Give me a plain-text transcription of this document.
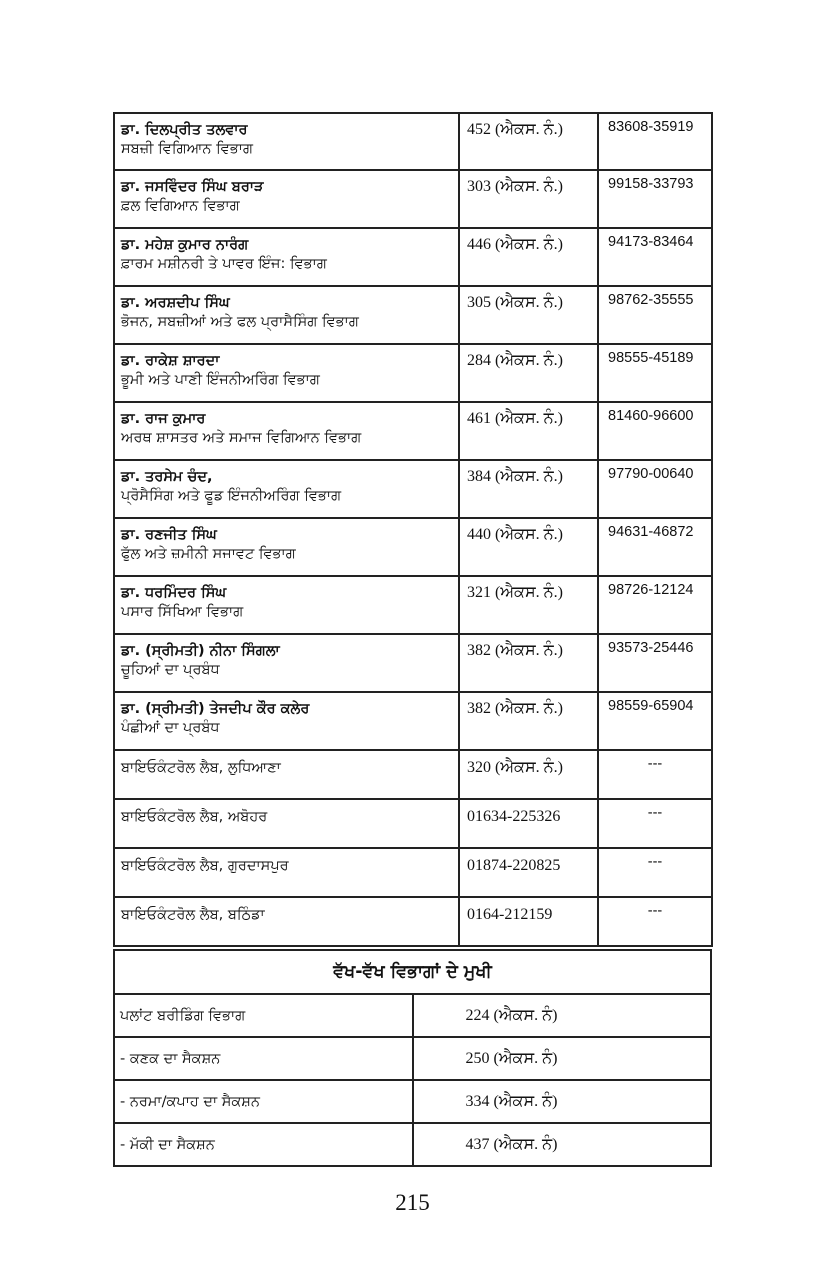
ਡਾ. ਦਿਲਪ੍ਰੀਤ ਤਲਵਾਰ
ਸਬਜ਼ੀ ਵਿਗਿਆਨ ਵਿਭਾਗ	452 (ਐਕਸ. ਨੰ.)	83608-35919

ਡਾ. ਜਸਵਿੰਦਰ ਸਿੰਘ ਬਰਾੜ
ਫ਼ਲ ਵਿਗਿਆਨ ਵਿਭਾਗ	303 (ਐਕਸ. ਨੰ.)	99158-33793

ਡਾ. ਮਹੇਸ਼ ਕੁਮਾਰ ਨਾਰੰਗ
ਫ਼ਾਰਮ ਮਸ਼ੀਨਰੀ ਤੇ ਪਾਵਰ ਇੰਜ: ਵਿਭਾਗ	446 (ਐਕਸ. ਨੰ.)	94173-83464

ਡਾ. ਅਰਸ਼ਦੀਪ ਸਿੰਘ
ਭੋਜਨ, ਸਬਜ਼ੀਆਂ ਅਤੇ ਫਲ ਪ੍ਰਾਸੈਸਿੰਗ ਵਿਭਾਗ	305 (ਐਕਸ. ਨੰ.)	98762-35555

ਡਾ. ਰਾਕੇਸ਼ ਸ਼ਾਰਦਾ
ਭੂਮੀ ਅਤੇ ਪਾਣੀ ਇੰਜਨੀਅਰਿੰਗ ਵਿਭਾਗ	284 (ਐਕਸ. ਨੰ.)	98555-45189

ਡਾ. ਰਾਜ ਕੁਮਾਰ
ਅਰਥ ਸ਼ਾਸਤਰ ਅਤੇ ਸਮਾਜ ਵਿਗਿਆਨ ਵਿਭਾਗ	461 (ਐਕਸ. ਨੰ.)	81460-96600

ਡਾ. ਤਰਸੇਮ ਚੰਦ,
ਪ੍ਰੋਸੈਸਿੰਗ ਅਤੇ ਫੂਡ ਇੰਜਨੀਅਰਿੰਗ ਵਿਭਾਗ	384 (ਐਕਸ. ਨੰ.)	97790-00640

ਡਾ. ਰਣਜੀਤ ਸਿੰਘ
ਫੁੱਲ ਅਤੇ ਜ਼ਮੀਨੀ ਸਜਾਵਟ ਵਿਭਾਗ	440 (ਐਕਸ. ਨੰ.)	94631-46872

ਡਾ. ਧਰਮਿੰਦਰ ਸਿੰਘ
ਪਸਾਰ ਸਿੱਖਿਆ ਵਿਭਾਗ	321 (ਐਕਸ. ਨੰ.)	98726-12124

ਡਾ. (ਸ੍ਰੀਮਤੀ) ਨੀਨਾ ਸਿੰਗਲਾ
ਚੂਹਿਆਂ ਦਾ ਪ੍ਰਬੰਧ	382 (ਐਕਸ. ਨੰ.)	93573-25446

ਡਾ. (ਸ੍ਰੀਮਤੀ) ਤੇਜਦੀਪ ਕੌਰ ਕਲੇਰ
ਪੰਛੀਆਂ ਦਾ ਪ੍ਰਬੰਧ	382 (ਐਕਸ. ਨੰ.)	98559-65904
ਬਾਇਓਕੰਟਰੋਲ ਲੈਬ, ਲੁਧਿਆਣਾ	320 (ਐਕਸ. ਨੰ.)	---
ਬਾਇਓਕੰਟਰੋਲ ਲੈਬ, ਅਬੋਹਰ	01634-225326	---
ਬਾਇਓਕੰਟਰੋਲ ਲੈਬ, ਗੁਰਦਾਸਪੁਰ	01874-220825	---
ਬਾਇਓਕੰਟਰੋਲ ਲੈਬ, ਬਠਿੰਡਾ	0164-212159	---
ਵੱਖ-ਵੱਖ ਵਿਭਾਗਾਂ ਦੇ ਮੁਖੀ	
ਪਲਾਂਟ ਬਰੀਡਿੰਗ ਵਿਭਾਗ	224 (ਐਕਸ. ਨੰ)
- ਕਣਕ ਦਾ ਸੈਕਸ਼ਨ	250 (ਐਕਸ. ਨੰ)
- ਨਰਮਾ/ਕਪਾਹ ਦਾ ਸੈਕਸ਼ਨ	334 (ਐਕਸ. ਨੰ)
- ਮੱਕੀ ਦਾ ਸੈਕਸ਼ਨ	437 (ਐਕਸ. ਨੰ)
215
